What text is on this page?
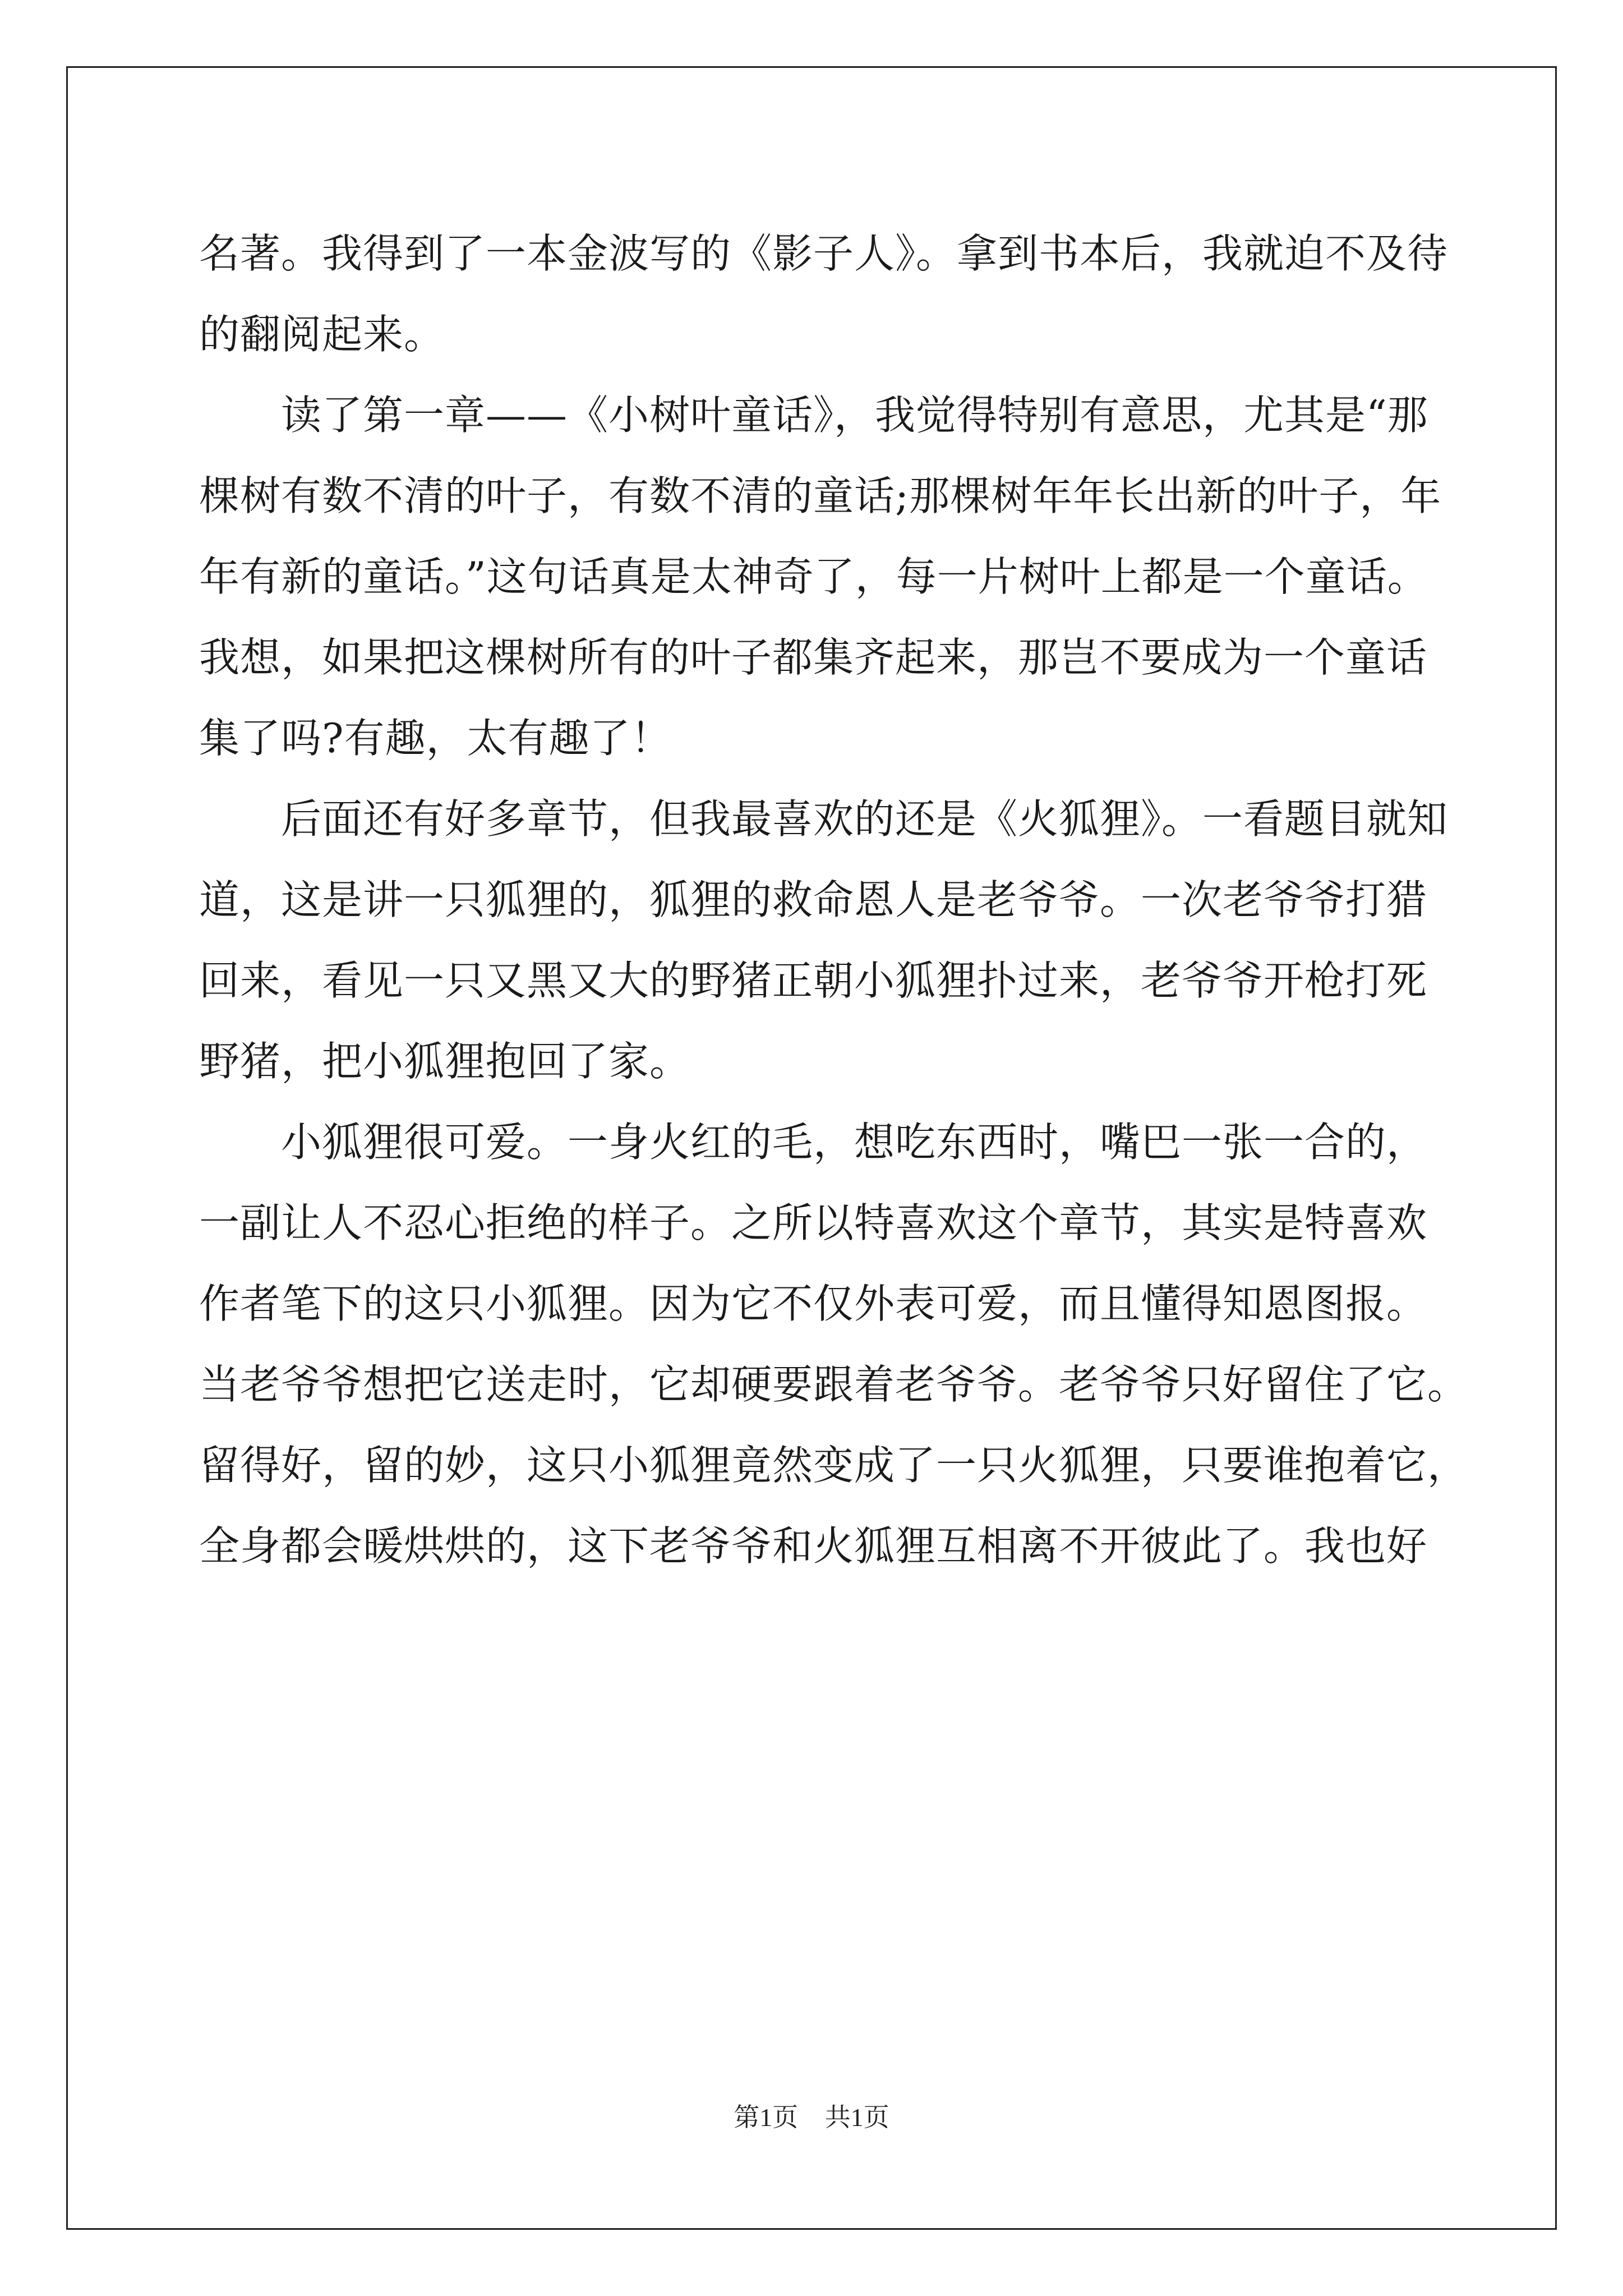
名著。我得到了一本金波写的《影子人》。拿到书本后，我就迫不及待
的翻阅起来。
读了第一章——《小树叶童话》，我觉得特别有意思，尤其是“那
棵树有数不清的叶子，有数不清的童话;那棵树年年长出新的叶子，年
年有新的童话。”这句话真是太神奇了，每一片树叶上都是一个童话。
我想，如果把这棵树所有的叶子都集齐起来，那岂不要成为一个童话
集了吗?有趣，太有趣了！
后面还有好多章节，但我最喜欢的还是《火狐狸》。一看题目就知
道，这是讲一只狐狸的，狐狸的救命恩人是老爷爷。一次老爷爷打猎
回来，看见一只又黑又大的野猪正朝小狐狸扑过来，老爷爷开枪打死
野猪，把小狐狸抱回了家。
小狐狸很可爱。一身火红的毛，想吃东西时，嘴巴一张一合的，
一副让人不忍心拒绝的样子。之所以特喜欢这个章节，其实是特喜欢
作者笔下的这只小狐狸。因为它不仅外表可爱，而且懂得知恩图报。
当老爷爷想把它送走时，它却硬要跟着老爷爷。老爷爷只好留住了它。
留得好，留的妙，这只小狐狸竟然变成了一只火狐狸，只要谁抱着它，
全身都会暖烘烘的，这下老爷爷和火狐狸互相离不开彼此了。我也好
第1页 共1页
